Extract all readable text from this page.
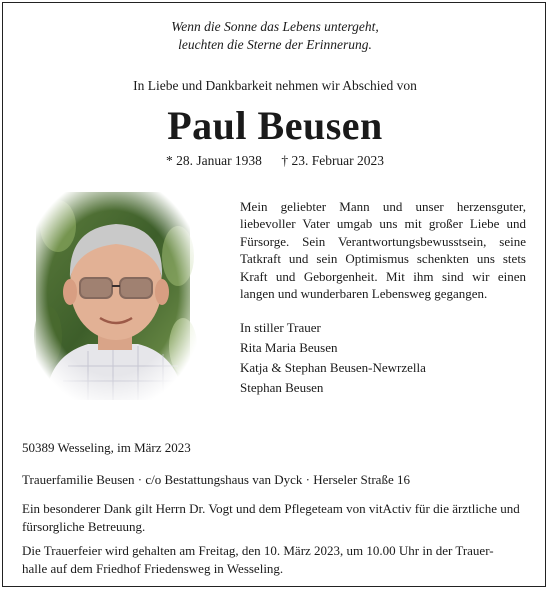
Wenn die Sonne das Lebens untergeht,
leuchten die Sterne der Erinnerung.
In Liebe und Dankbarkeit nehmen wir Abschied von
Paul Beusen
* 28. Januar 1938 † 23. Februar 2023
Mein geliebter Mann und unser herzensguter, liebevoller Vater umgab uns mit großer Liebe und Fürsorge. Sein Verantwortungsbewusstsein, seine Tatkraft und sein Optimismus schenkten uns stets Kraft und Geborgenheit. Mit ihm sind wir einen langen und wunderbaren Lebensweg gegangen.
In stiller Trauer
Rita Maria Beusen
Katja & Stephan Beusen-Newrzella
Stephan Beusen
50389 Wesseling, im März 2023
Trauerfamilie Beusen · c/o Bestattungshaus van Dyck · Herseler Straße 16
Ein besonderer Dank gilt Herrn Dr. Vogt und dem Pflegeteam von vitActiv für die ärztliche und fürsorgliche Betreuung.
Die Trauerfeier wird gehalten am Freitag, den 10. März 2023, um 10.00 Uhr in der Trauer-
halle auf dem Friedhof Friedensweg in Wesseling.
